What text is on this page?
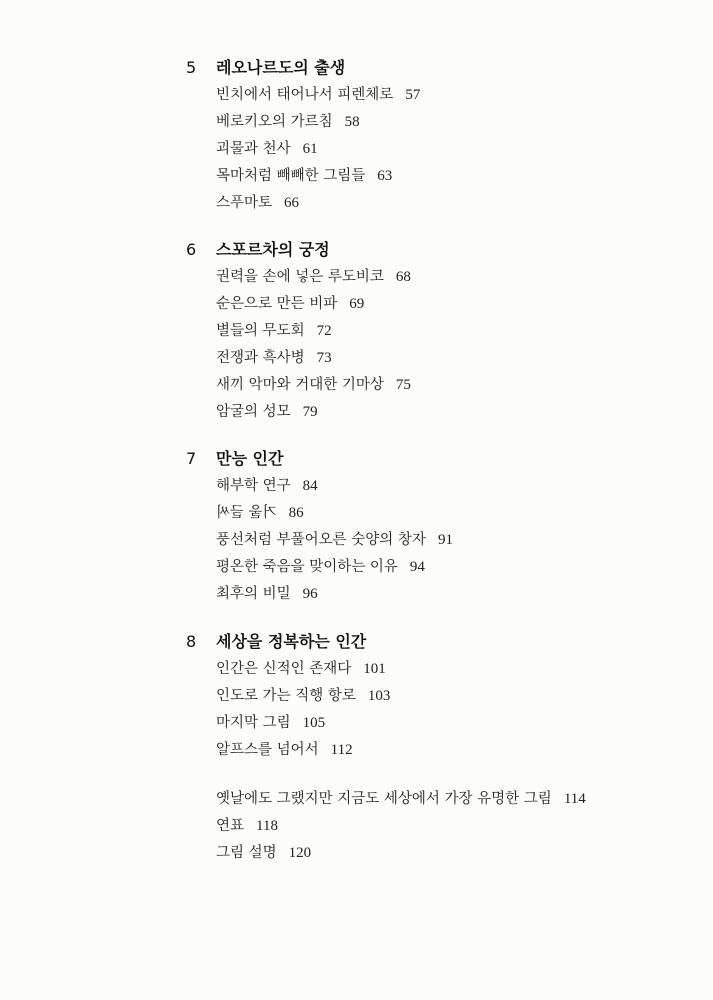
5 레오나르도의 출생
빈치에서 태어나서 피렌체로 57
베로키오의 가르침 58
괴물과 천사 61
목마처럼 빼빼한 그림들 63
스푸마토 66
6 스포르차의 궁정
권력을 손에 넣은 루도비코 68
순은으로 만든 비파 69
별들의 무도회 72
전쟁과 흑사병 73
새끼 악마와 거대한 기마상 75
암굴의 성모 79
7 만능 인간
해부학 연구 84
거울 글씨 86
풍선처럼 부풀어오른 숫양의 창자 91
평온한 죽음을 맞이하는 이유 94
최후의 비밀 96
8 세상을 정복하는 인간
인간은 신적인 존재다 101
인도로 가는 직행 항로 103
마지막 그림 105
알프스를 넘어서 112
옛날에도 그랬지만 지금도 세상에서 가장 유명한 그림 114
연표 118
그림 설명 120
